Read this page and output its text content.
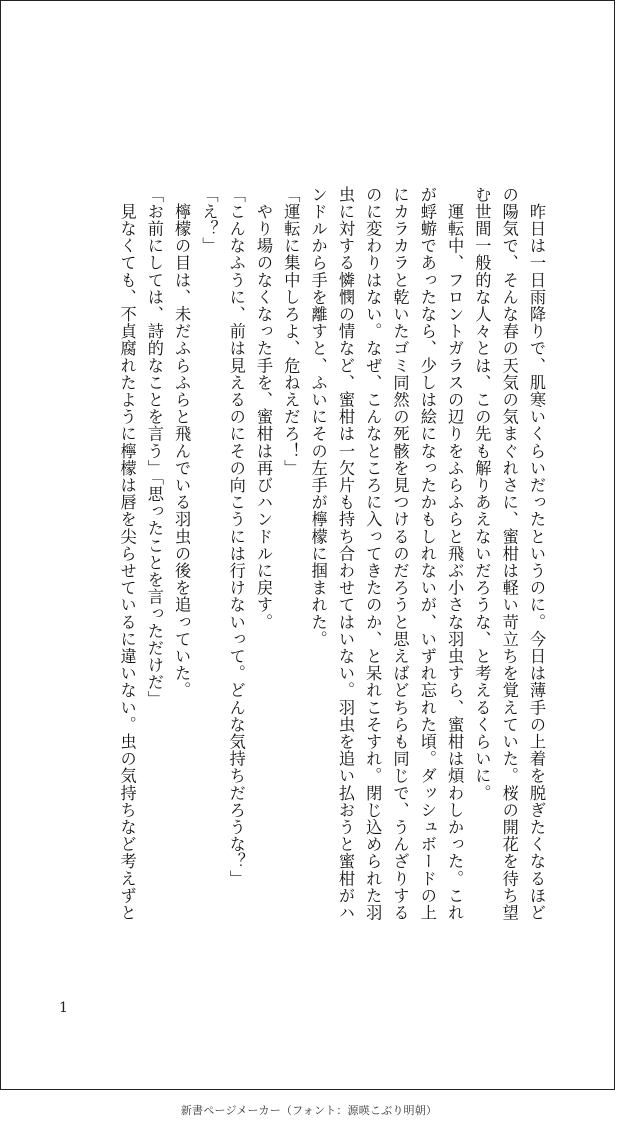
　昨日は一日雨降りで、肌寒いくらいだったというのに。今日は薄手の上着を脱ぎたくなるほどの陽気で、そんな春の天気の気まぐれさに、蜜柑は軽い苛立ちを覚えていた。桜の開花を待ち望む世間一般的な人々とは、この先も解りあえないだろうな、と考えるくらいに。

　運転中、フロントガラスの辺りをふらふらと飛ぶ小さな羽虫すら、蜜柑は煩わしかった。これが蜉蝣であったなら、少しは絵になったかもしれないが、いずれ忘れた頃。ダッシュボードの上にカラカラと乾いたゴミ同然の死骸を見つけるのだろうと思えばどちらも同じで、うんざりするのに変わりはない。なぜ、こんなところに入ってきたのか、と呆れこそすれ。閉じ込められた羽虫に対する憐憫の情など、蜜柑は一欠片も持ち合わせてはいない。羽虫を追い払おうと蜜柑がハンドルから手を離すと、ふいにその左手が檸檬に掴まれた。

「運転に集中しろよ、危ねえだろ！」

　やり場のなくなった手を、蜜柑は再びハンドルに戻す。

「こんなふうに、前は見えるのにその向こうには行けないって。どんな気持ちだろうな？」

「え？」

　檸檬の目は、未だふらふらと飛んでいる羽虫の後を追っていた。

「お前にしては、詩的なことを言う」「思ったことを言っただけだ」

　見なくても、不貞腐れたように檸檬は唇を尖らせているに違いない。虫の気持ちなど考えずと

1
新書ページメーカー（フォント：源暎こぶり明朝）
